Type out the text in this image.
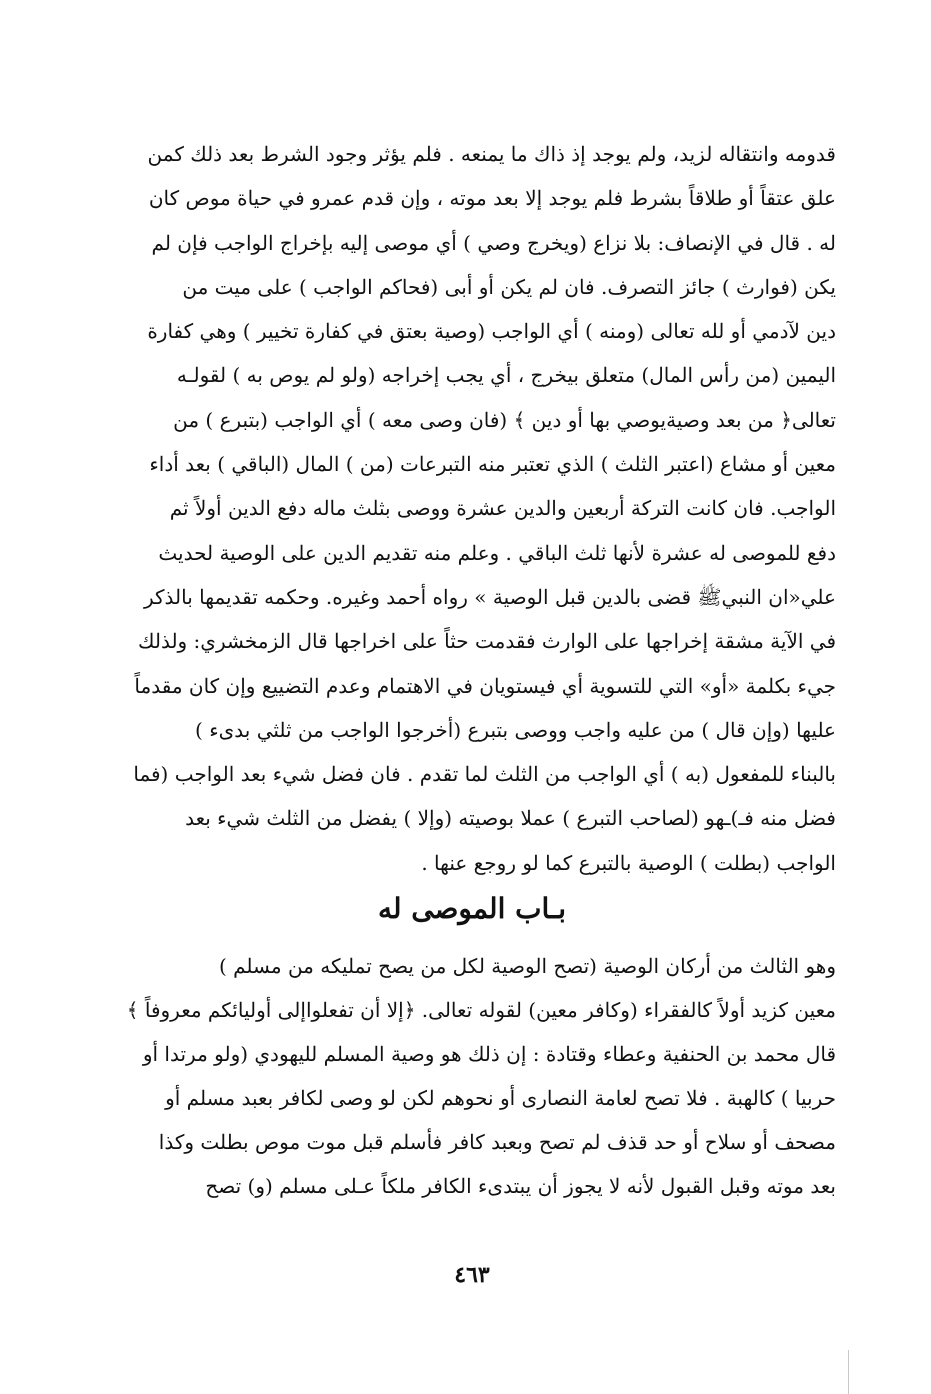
قدومه وانتقاله لزيد، ولم يوجد إذ ذاك ما يمنعه . فلم يؤثر وجود الشرط بعد ذلك كمن
علق عتقاً أو طلاقاً بشرط فلم يوجد إلا بعد موته ، وإن قدم عمرو في حياة موص كان
له . قال في الإنصاف: بلا نزاع (ويخرج وصي ) أي موصى إليه بإخراج الواجب فإن لم
يكن (فوارث ) جائز التصرف. فان لم يكن أو أبى (فحاكم الواجب ) على ميت من
دين لآدمي أو لله تعالى (ومنه ) أي الواجب (وصية بعتق في كفارة تخيير ) وهي كفارة
اليمين (من رأس المال) متعلق بيخرج ، أي يجب إخراجه (ولو لم يوص به ) لقولـه
تعالى﴿ من بعد وصيةيوصي بها أو دين ﴾ (فان وصى معه ) أي الواجب (بتبرع ) من
معين أو مشاع (اعتبر الثلث ) الذي تعتبر منه التبرعات (من ) المال (الباقي ) بعد أداء
الواجب. فان كانت التركة أربعين والدين عشرة ووصى بثلث ماله دفع الدين أولاً ثم
دفع للموصى له عشرة لأنها ثلث الباقي . وعلم منه تقديم الدين على الوصية لحديث
علي«ان النبيﷺ قضى بالدين قبل الوصية » رواه أحمد وغيره. وحكمه تقديمها بالذكر
في الآية مشقة إخراجها على الوارث فقدمت حثاً على اخراجها قال الزمخشري: ولذلك
جيء بكلمة «أو» التي للتسوية أي فيستويان في الاهتمام وعدم التضييع وإن كان مقدماً
عليها (وإن قال ) من عليه واجب ووصى بتبرع (أخرجوا الواجب من ثلثي بدىء )
بالبناء للمفعول (به ) أي الواجب من الثلث لما تقدم . فان فضل شيء بعد الواجب (فما
فضل منه فـ)ـهو (لصاحب التبرع ) عملا بوصيته (وإلا ) يفضل من الثلث شيء بعد
الواجب (بطلت ) الوصية بالتبرع كما لو روجع عنها .
بـاب الموصى له
وهو الثالث من أركان الوصية (تصح الوصية لكل من يصح تمليكه من مسلم )
معين كزيد أولاً كالفقراء (وكافر معين) لقوله تعالى. ﴿إلا أن تفعلواإلى أوليائكم معروفاً ﴾
قال محمد بن الحنفية وعطاء وقتادة : إن ذلك هو وصية المسلم لليهودي (ولو مرتدا أو
حربيا ) كالهبة . فلا تصح لعامة النصارى أو نحوهم لكن لو وصى لكافر بعبد مسلم أو
مصحف أو سلاح أو حد قذف لم تصح وبعبد كافر فأسلم قبل موت موص بطلت وكذا
بعد موته وقبل القبول لأنه لا يجوز أن يبتدىء الكافر ملكاً عـلى مسلم (و) تصح
٤٦٣
